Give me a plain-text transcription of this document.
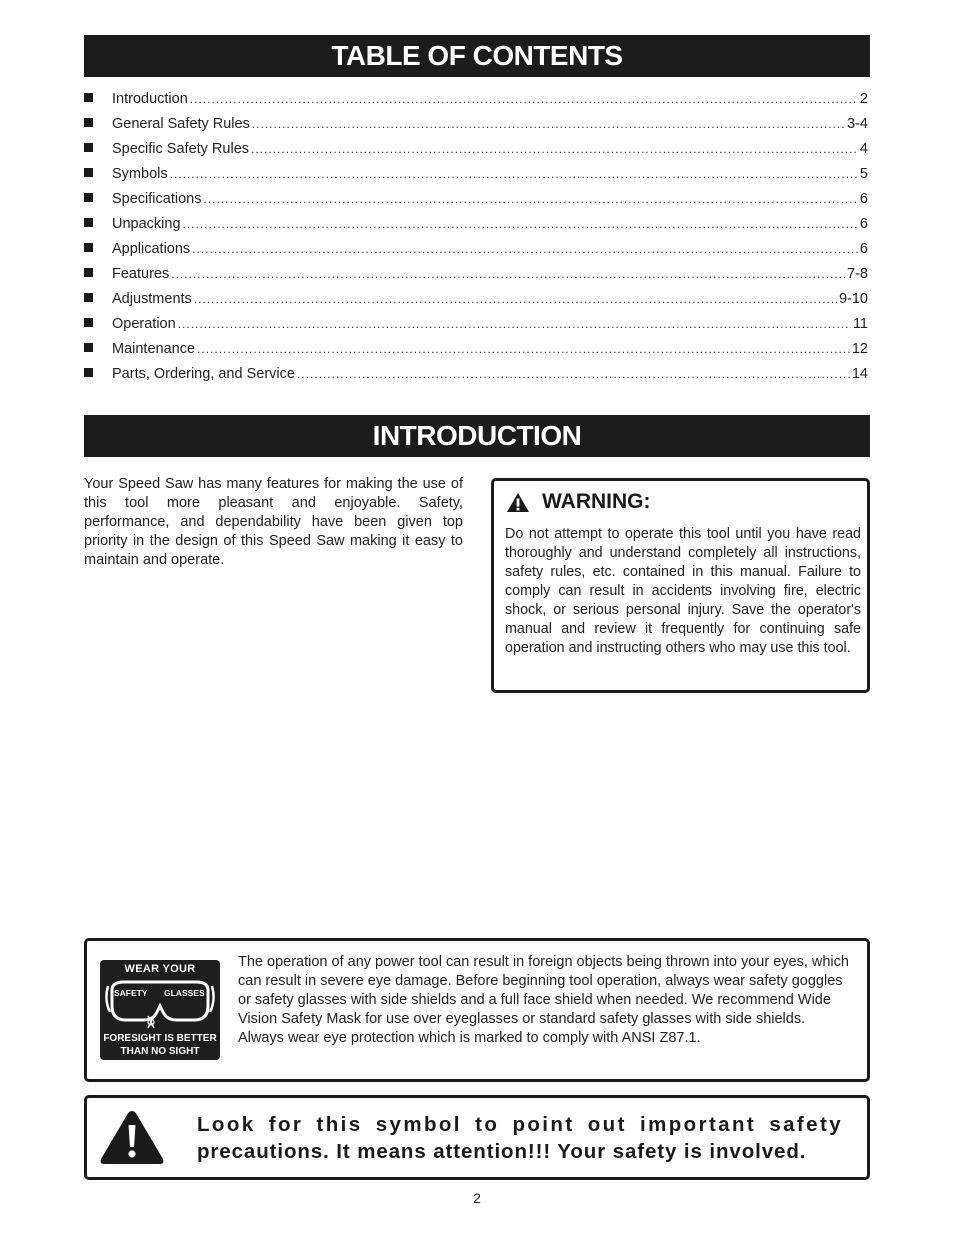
TABLE OF CONTENTS
Introduction .....	2
General Safety Rules .....	3-4
Specific Safety Rules .....	4
Symbols .....	5
Specifications .....	6
Unpacking .....	6
Applications .....	6
Features .....	7-8
Adjustments .....	9-10
Operation .....	11
Maintenance .....	12
Parts, Ordering, and Service .....	14
INTRODUCTION
Your Speed Saw has many features for making the use of this tool more pleasant and enjoyable. Safety, performance, and dependability have been given top priority in the design of this Speed Saw making it easy to maintain and operate.
WARNING:
Do not attempt to operate this tool until you have read thoroughly and understand completely all instructions, safety rules, etc. contained in this manual. Failure to comply can result in accidents involving fire, electric shock, or serious personal injury. Save the operator's manual and review it frequently for continuing safe operation and instructing others who may use this tool.
WEAR YOUR
SAFETY GLASSES
FORESIGHT IS BETTER
THAN NO SIGHT
The operation of any power tool can result in foreign objects being thrown into your eyes, which can result in severe eye damage. Before beginning tool operation, always wear safety goggles or safety glasses with side shields and a full face shield when needed. We recommend Wide Vision Safety Mask for use over eyeglasses or standard safety glasses with side shields. Always wear eye protection which is marked to comply with ANSI Z87.1.
Look for this symbol to point out important safety
precautions. It means attention!!! Your safety is involved.
2
